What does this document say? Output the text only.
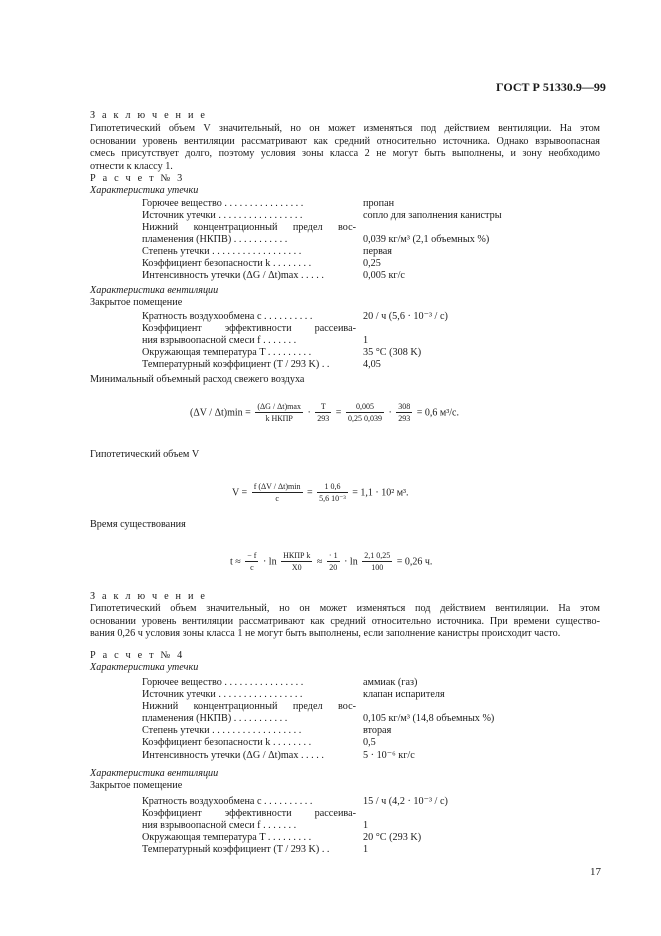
ГОСТ Р 51330.9—99
17
З а к л ю ч е н и е
Гипотетический объем V значительный, но он может изменяться под действием вентиляции. На этом
основании уровень вентиляции рассматривают как средний относительно источника. Однако взрывоопасная
смесь присутствует долго, поэтому условия зоны класса 2 не могут быть выполнены, и зону необходимо
отнести к классу 1.
Р а с ч е т № 3
Характеристика утечки
Горючее вещество . . . . . . . . . . . . . . . .	пропан
Источник утечки . . . . . . . . . . . . . . . . .	сопло для заполнения канистры
Нижний концентрационный предел вос-
пламенения (НКПВ) . . . . . . . . . . .	0,039 кг/м³ (2,1 объемных %)
Степень утечки . . . . . . . . . . . . . . . . . .	первая
Коэффициент безопасности k . . . . . . . .	0,25
Интенсивность утечки (ΔG / Δt)max . . . . .	0,005 кг/с
Характеристика вентиляции
Закрытое помещение
Кратность воздухообмена c . . . . . . . . . .	20 / ч (5,6 · 10⁻³ / с)
Коэффициент эффективности рассеива-
ния взрывоопасной смеси f . . . . . . .	1
Окружающая температура T . . . . . . . . .	35 °C (308 K)
Температурный коэффициент (T / 293 K) . .	4,05
Минимальный объемный расход свежего воздуха
$(\Delta V / \Delta t)\min = \frac{(\Delta G / \Delta t)\max}{\text{k НКПР}} \cdot \frac{T}{293} = \frac{0,005}{0,25 0,039} \cdot \frac{308}{293} = 0,6$ м³/с.
Гипотетический объем V
$V = \frac{f (\Delta V / \Delta t)\min}{c} = \frac{1 0,6}{\text{5,6 10⁻³}} = 1,1 \cdot 10^2$ м³.
Время существования
$t \approx \frac{- f}{c} \cdot \ln \frac{\text{НКПР k}}{X0} \approx \frac{\cdot 1}{20} \cdot \ln \frac{2,1 0,25}{100} = 0,26$ ч.
З а к л ю ч е н и е
Гипотетический объем значительный, но он может изменяться под действием вентиляции. На этом
основании уровень вентиляции рассматривают как средний относительно источника. При времени существо-
вания 0,26 ч условия зоны класса 1 не могут быть выполнены, если заполнение канистры происходит часто.
Р а с ч е т № 4
Характеристика утечки
Горючее вещество . . . . . . . . . . . . . . . .	аммиак (газ)
Источник утечки . . . . . . . . . . . . . . . . .	клапан испарителя
Нижний концентрационный предел вос-
пламенения (НКПВ) . . . . . . . . . . .	0,105 кг/м³ (14,8 объемных %)
Степень утечки . . . . . . . . . . . . . . . . . .	вторая
Коэффициент безопасности k . . . . . . . .	0,5
Интенсивность утечки (ΔG / Δt)max . . . . .	5 · 10⁻⁶ кг/с
Характеристика вентиляции
Закрытое помещение
Кратность воздухообмена c . . . . . . . . . .	15 / ч (4,2 · 10⁻³ / с)
Коэффициент эффективности рассеива-
ния взрывоопасной смеси f . . . . . . .	1
Окружающая температура T . . . . . . . . .	20 °C (293 K)
Температурный коэффициент (T / 293 K) . .	1
